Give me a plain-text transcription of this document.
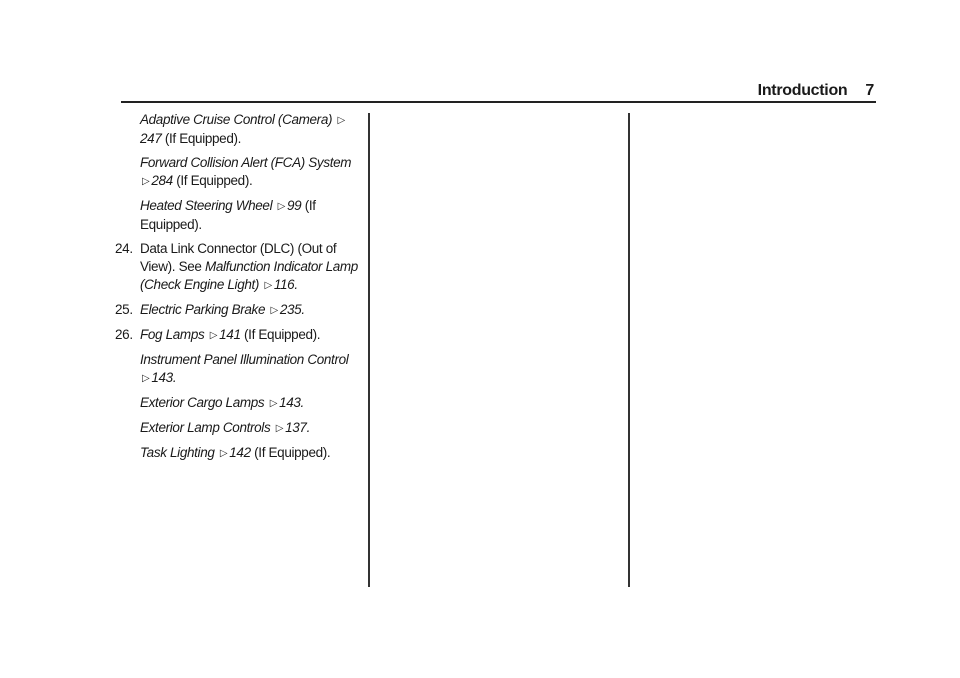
Introduction 7

Adaptive Cruise Control (Camera) ▷247 (If Equipped).

Forward Collision Alert (FCA) System ▷ 284 (If Equipped).

Heated Steering Wheel ▷ 99 (If Equipped).

24. Data Link Connector (DLC) (Out of View). See Malfunction Indicator Lamp (Check Engine Light) ▷ 116.
25. Electric Parking Brake ▷ 235.
26. Fog Lamps ▷ 141 (If Equipped).

Instrument Panel Illumination Control ▷ 143.

Exterior Cargo Lamps ▷ 143.

Exterior Lamp Controls ▷ 137.

Task Lighting ▷ 142 (If Equipped).
